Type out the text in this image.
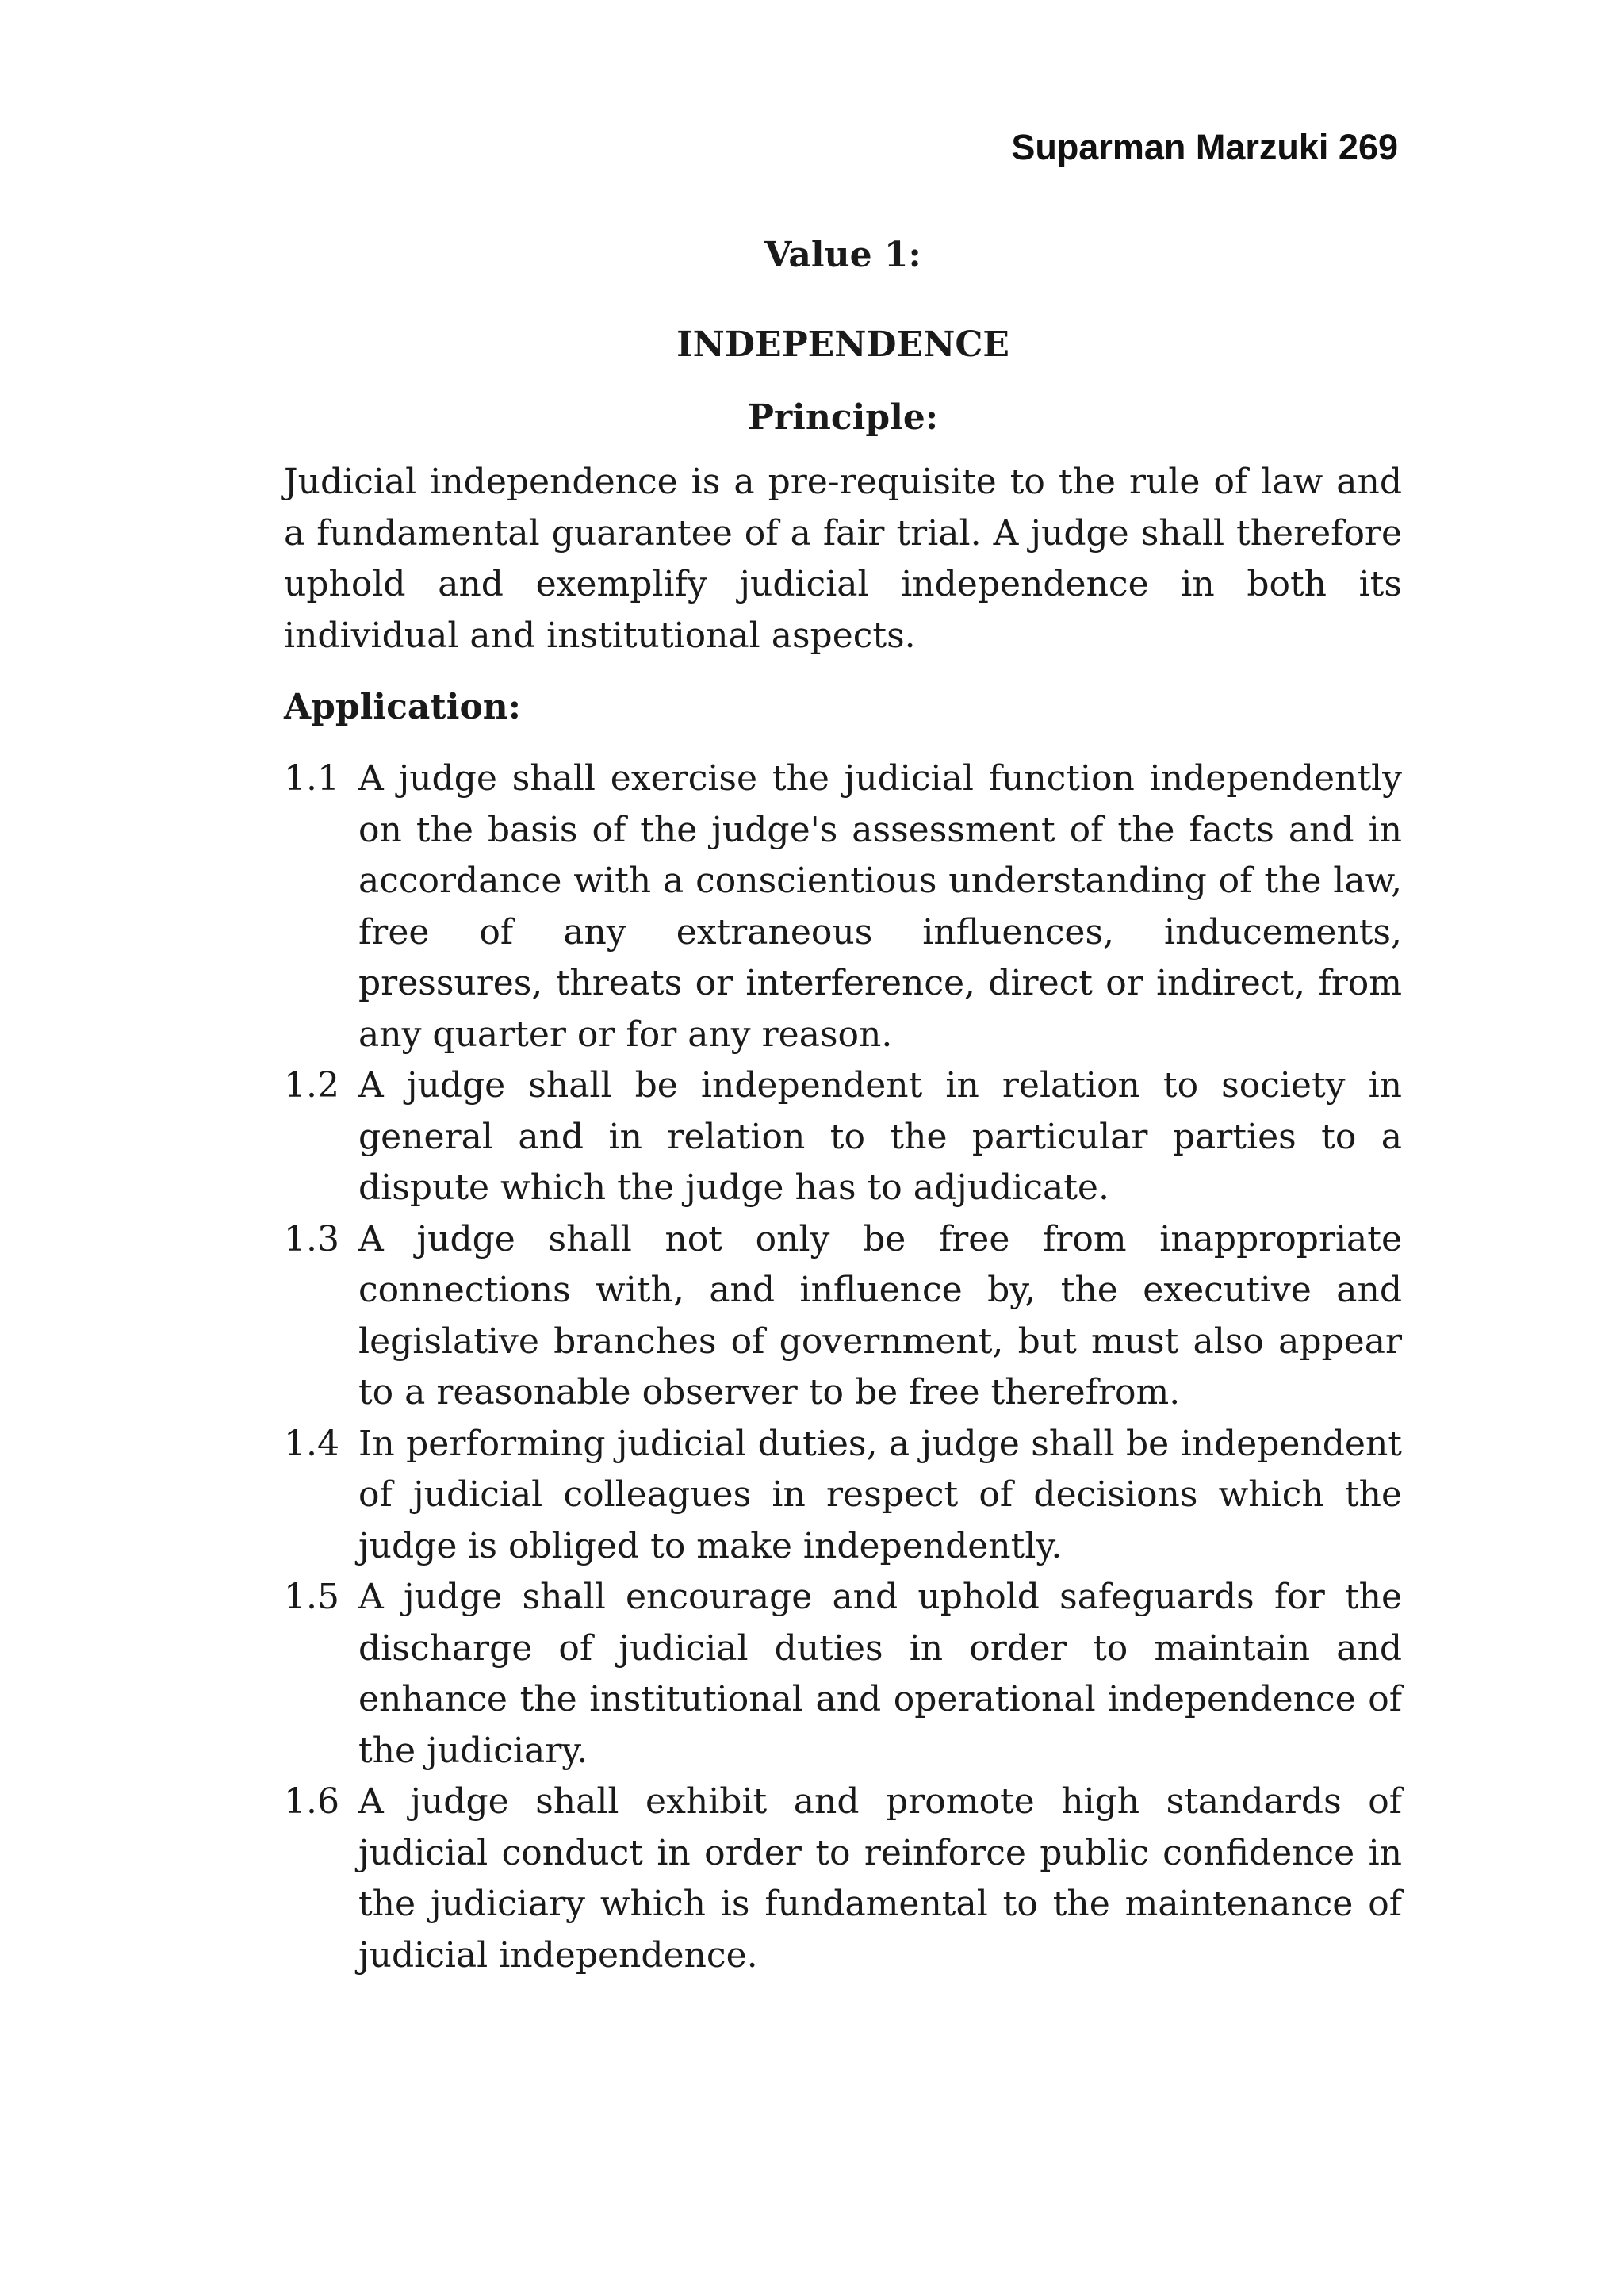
Suparman Marzuki 269
Value 1:
INDEPENDENCE
Principle:
Judicial independence is a pre-requisite to the rule of law and a fundamental guarantee of a fair trial. A judge shall therefore uphold and exemplify judicial independence in both its individual and institutional aspects.
Application:
1.1 A judge shall exercise the judicial function independently on the basis of the judge's assessment of the facts and in accordance with a conscientious understanding of the law, free of any extraneous influences, inducements, pressures, threats or interference, direct or indirect, from any quarter or for any reason.
1.2 A judge shall be independent in relation to society in general and in relation to the particular parties to a dispute which the judge has to adjudicate.
1.3 A judge shall not only be free from inappropriate connections with, and influence by, the executive and legislative branches of government, but must also appear to a reasonable observer to be free therefrom.
1.4 In performing judicial duties, a judge shall be independent of judicial colleagues in respect of decisions which the judge is obliged to make independently.
1.5 A judge shall encourage and uphold safeguards for the discharge of judicial duties in order to maintain and enhance the institutional and operational independence of the judiciary.
1.6 A judge shall exhibit and promote high standards of judicial conduct in order to reinforce public confidence in the judiciary which is fundamental to the maintenance of judicial independence.
